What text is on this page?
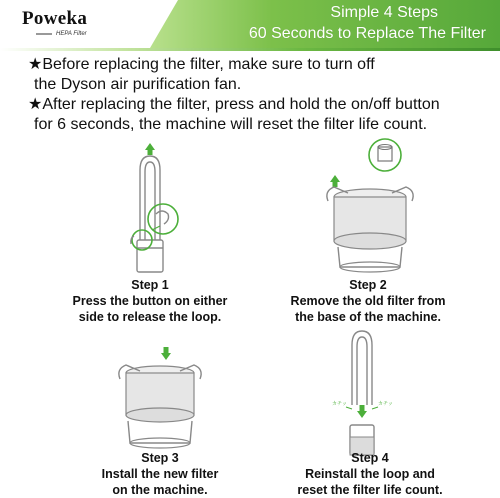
Poweka
HEPA Filter
Simple 4 Steps
60 Seconds to Replace The Filter
★Before replacing the filter, make sure to turn off
the Dyson air purification fan.
★After replacing the filter, press and hold the on/off button
for 6 seconds, the machine will reset the filter life count.
カチッ	カチッ
Step 1
Press the button on either
side to release the loop.
Step 2
Remove the old filter from
the base of the machine.
Step 3
Install the new filter
on the machine.
Step 4
Reinstall the loop and
reset the filter life count.
